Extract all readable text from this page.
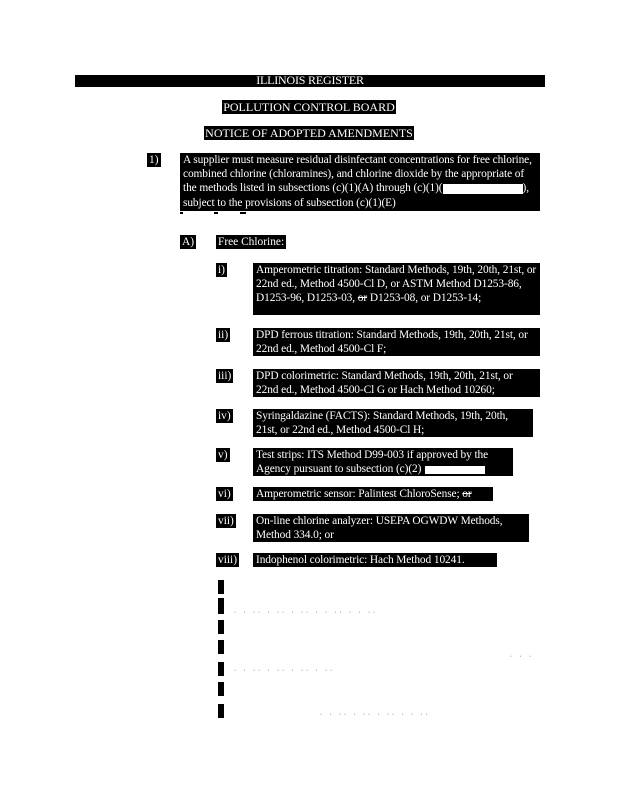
ILLINOIS REGISTER
POLLUTION CONTROL BOARD
NOTICE OF ADOPTED AMENDMENTS
1) A supplier must measure residual disinfectant concentrations for free chlorine, combined chlorine (chloramines), and chlorine dioxide by the appropriate of the methods listed in subsections (c)(1)(A) through (c)(1)(	), subject to the provisions of subsection (c)(1)(E)
A) Free Chlorine:
i)	Amperometric titration: Standard Methods, 19th, 20th, 21st, or 22nd ed., Method 4500-Cl D, or ASTM Method D1253-86, D1253-96, D1253-03, or D1253-08, or D1253-14;
ii) DPD ferrous titration: Standard Methods, 19th, 20th, 21st, or 22nd ed., Method 4500-Cl F;
iii) DPD colorimetric: Standard Methods, 19th, 20th, 21st, or 22nd ed., Method 4500-Cl G or Hach Method 10260;
iv) Syringaldazine (FACTS): Standard Methods, 19th, 20th, 21st, or 22nd ed., Method 4500-Cl H;
v)	Test strips: ITS Method D99-003 if approved by the Agency pursuant to subsection (c)(2)
vi) Amperometric sensor: Palintest ChloroSense; or
vii) On-line chlorine analyzer: USEPA OGWDW Methods, Method 334.0; or
viii) Indophenol colorimetric: Hach Method 10241.
· · ·· · ·· · ·· · · ·· · · ··
· · ·
· · ·· · ·· · ·· · ··
· · ·· · ·· · ·· · · ··
